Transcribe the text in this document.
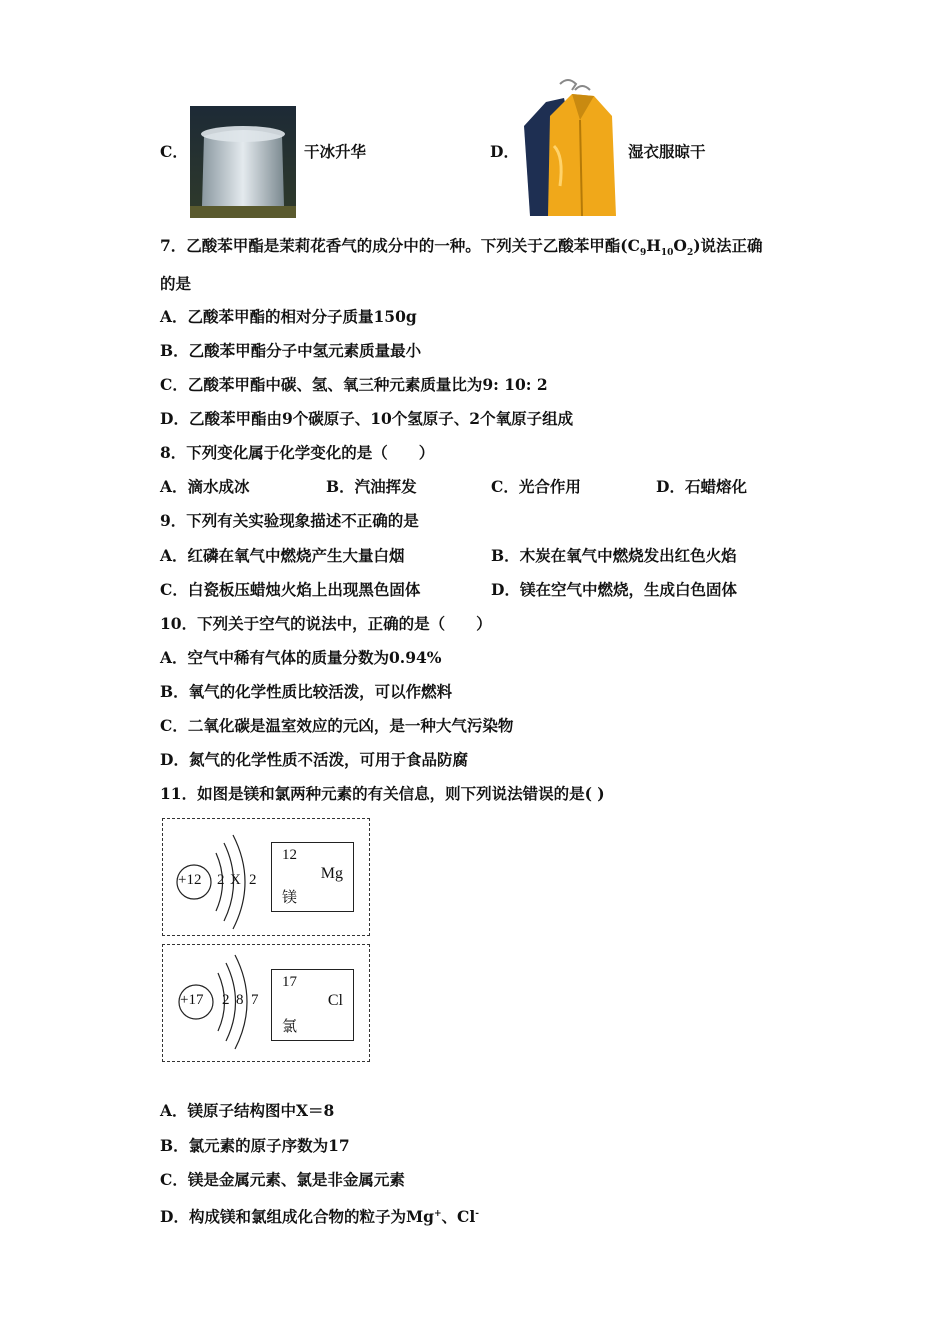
C．	干冰升华	D．	湿衣服晾干
7．乙酸苯甲酯是茉莉花香气的成分中的一种。下列关于乙酸苯甲酯$(C_9H_{10}O_2)$说法正确
的是
A．乙酸苯甲酯的相对分子质量150g
B．乙酸苯甲酯分子中氢元素质量最小
C．乙酸苯甲酯中碳、氢、氧三种元素质量比为9: 10: 2
D．乙酸苯甲酯由9个碳原子、10个氢原子、2个氧原子组成
8．下列变化属于化学变化的是（　　）
A．滴水成冰	B．汽油挥发	C．光合作用	D．石蜡熔化
9．下列有关实验现象描述不正确的是
A．红磷在氧气中燃烧产生大量白烟	B．木炭在氧气中燃烧发出红色火焰
C．白瓷板压蜡烛火焰上出现黑色固体	D．镁在空气中燃烧，生成白色固体
10．下列关于空气的说法中，正确的是（　　）
A．空气中稀有气体的质量分数为0.94%
B．氧气的化学性质比较活泼，可以作燃料
C．二氧化碳是温室效应的元凶，是一种大气污染物
D．氮气的化学性质不活泼，可用于食品防腐
11．如图是镁和氯两种元素的有关信息，则下列说法错误的是( )
+12 2 X 2
12
Mg
镁
+17 2 8 7
17
Cl
氯
A．镁原子结构图中X＝8
B．氯元素的原子序数为17
C．镁是金属元素、氯是非金属元素
D．构成镁和氯组成化合物的粒子为Mg+、Cl-
